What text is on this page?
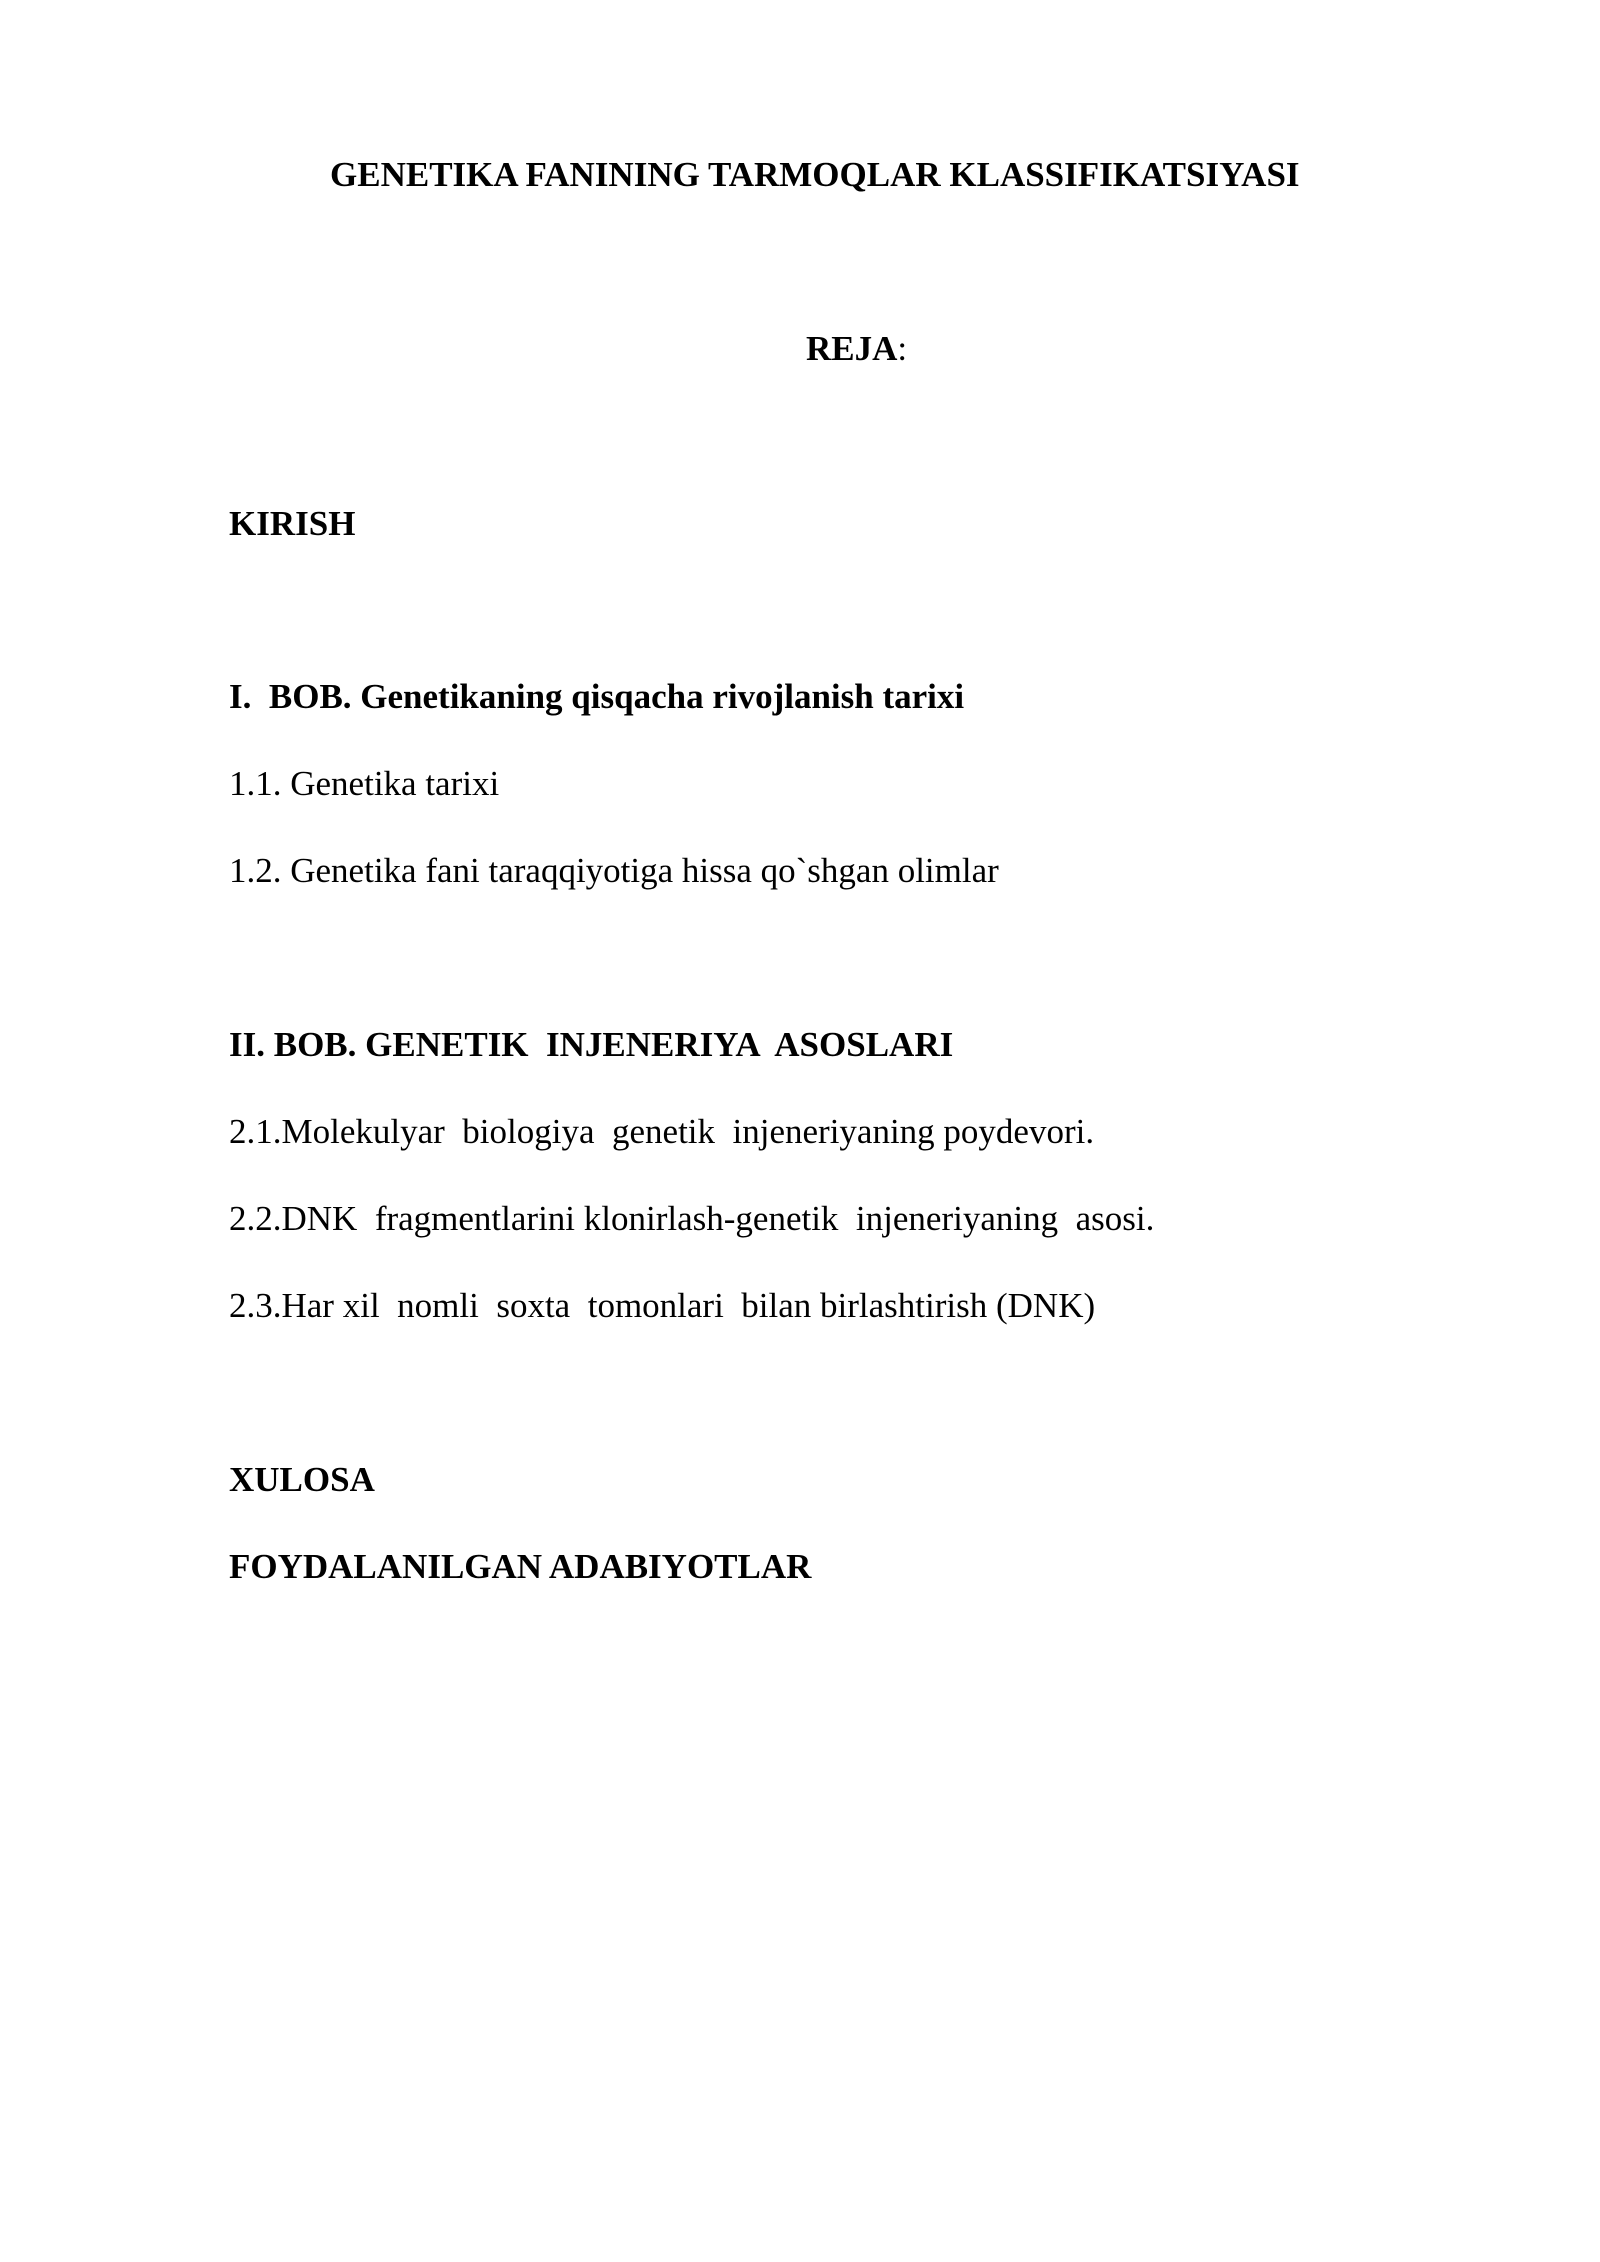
GENETIKA FANINING TARMOQLAR KLASSIFIKATSIYASI
REJA:
KIRISH
I.  BOB. Genetikaning qisqacha rivojlanish tarixi
1.1. Genetika tarixi
1.2. Genetika fani taraqqiyotiga hissa qo`shgan olimlar
II. BOB. GENETIK  INJENERIYA  ASOSLARI
2.1.Molekulyar  biologiya  genetik  injeneriyaning poydevori.
2.2.DNK  fragmentlarini klonirlash-genetik  injeneriyaning  asosi.
2.3.Har xil  nomli  soxta  tomonlari  bilan birlashtirish (DNK)
XULOSA
FOYDALANILGAN ADABIYOTLAR
